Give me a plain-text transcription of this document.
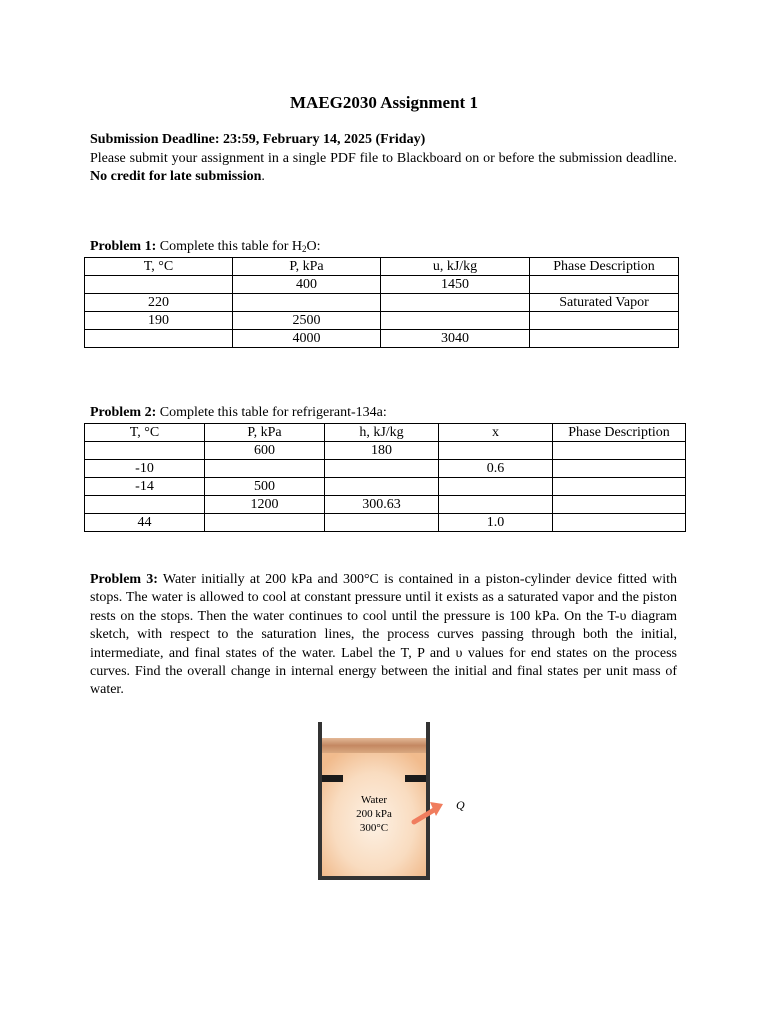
MAEG2030 Assignment 1
Submission Deadline: 23:59, February 14, 2025 (Friday)
Please submit your assignment in a single PDF file to Blackboard on or before the submission deadline. No credit for late submission.
Problem 1: Complete this table for $H_2O$:
T, °C	P, kPa	u, kJ/kg	Phase Description
	400	1450	
220			Saturated Vapor
190	2500		
	4000	3040	
Problem 2: Complete this table for refrigerant-134a:
T, °C	P, kPa	h, kJ/kg	x	Phase Description
	600	180		
-10			0.6	
-14	500			
	1200	300.63		
44			1.0	
Problem 3: Water initially at 200 kPa and 300°C is contained in a piston-cylinder device fitted with stops. The water is allowed to cool at constant pressure until it exists as a saturated vapor and the piston rests on the stops. Then the water continues to cool until the pressure is 100 kPa. On the T-υ diagram sketch, with respect to the saturation lines, the process curves passing through both the initial, intermediate, and final states of the water. Label the T, P and υ values for end states on the process curves. Find the overall change in internal energy between the initial and final states per unit mass of water.
Water
200 kPa
300°C
Q
